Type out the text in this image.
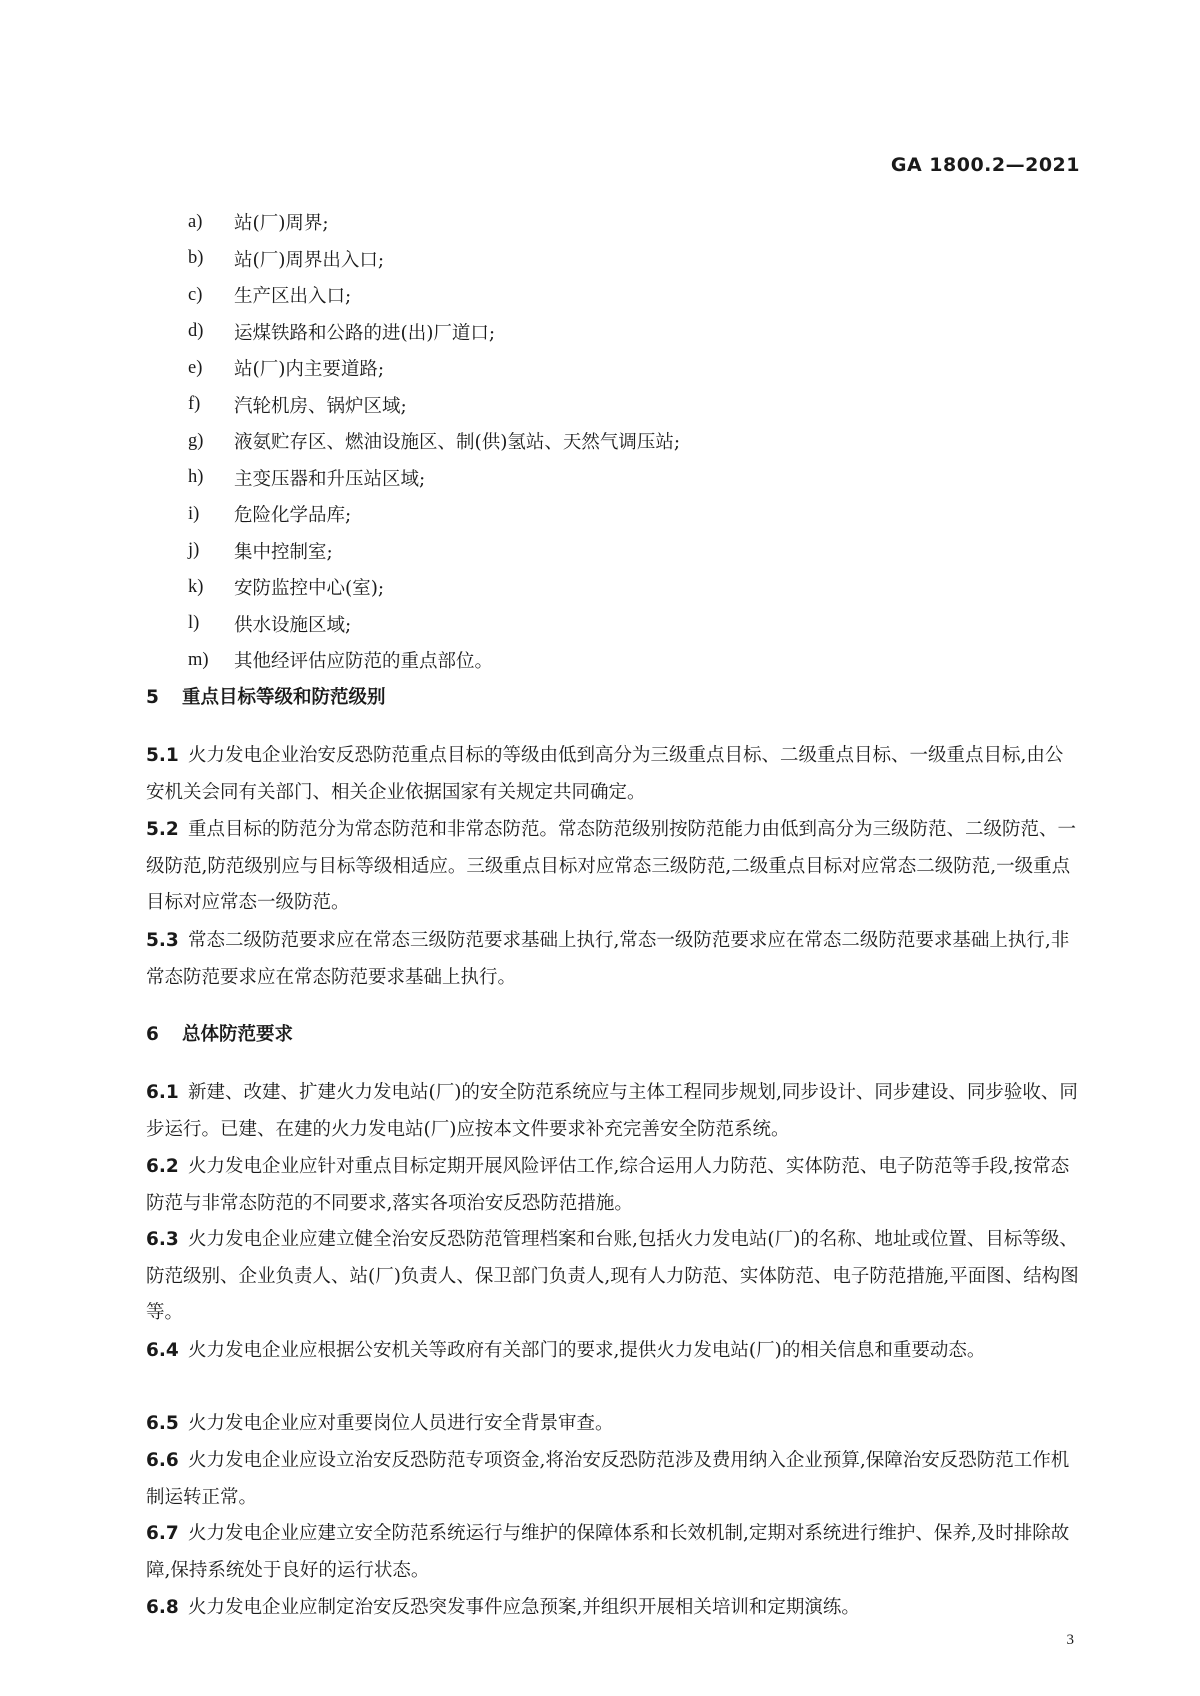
GA 1800.2—2021
a)	站(厂)周界;
b)	站(厂)周界出入口;
c)	生产区出入口;
d)	运煤铁路和公路的进(出)厂道口;
e)	站(厂)内主要道路;
f)	汽轮机房、锅炉区域;
g)	液氨贮存区、燃油设施区、制(供)氢站、天然气调压站;
h)	主变压器和升压站区域;
i)	危险化学品库;
j)	集中控制室;
k)	安防监控中心(室);
l)	供水设施区域;
m)	其他经评估应防范的重点部位。
5 重点目标等级和防范级别
5.1 火力发电企业治安反恐防范重点目标的等级由低到高分为三级重点目标、二级重点目标、一级重点目标,由公安机关会同有关部门、相关企业依据国家有关规定共同确定。
5.2 重点目标的防范分为常态防范和非常态防范。常态防范级别按防范能力由低到高分为三级防范、二级防范、一级防范,防范级别应与目标等级相适应。三级重点目标对应常态三级防范,二级重点目标对应常态二级防范,一级重点目标对应常态一级防范。
5.3 常态二级防范要求应在常态三级防范要求基础上执行,常态一级防范要求应在常态二级防范要求基础上执行,非常态防范要求应在常态防范要求基础上执行。
6 总体防范要求
6.1 新建、改建、扩建火力发电站(厂)的安全防范系统应与主体工程同步规划,同步设计、同步建设、同步验收、同步运行。已建、在建的火力发电站(厂)应按本文件要求补充完善安全防范系统。
6.2 火力发电企业应针对重点目标定期开展风险评估工作,综合运用人力防范、实体防范、电子防范等手段,按常态防范与非常态防范的不同要求,落实各项治安反恐防范措施。
6.3 火力发电企业应建立健全治安反恐防范管理档案和台账,包括火力发电站(厂)的名称、地址或位置、目标等级、防范级别、企业负责人、站(厂)负责人、保卫部门负责人,现有人力防范、实体防范、电子防范措施,平面图、结构图等。
6.4 火力发电企业应根据公安机关等政府有关部门的要求,提供火力发电站(厂)的相关信息和重要动态。
6.5 火力发电企业应对重要岗位人员进行安全背景审查。
6.6 火力发电企业应设立治安反恐防范专项资金,将治安反恐防范涉及费用纳入企业预算,保障治安反恐防范工作机制运转正常。
6.7 火力发电企业应建立安全防范系统运行与维护的保障体系和长效机制,定期对系统进行维护、保养,及时排除故障,保持系统处于良好的运行状态。
6.8 火力发电企业应制定治安反恐突发事件应急预案,并组织开展相关培训和定期演练。
3
